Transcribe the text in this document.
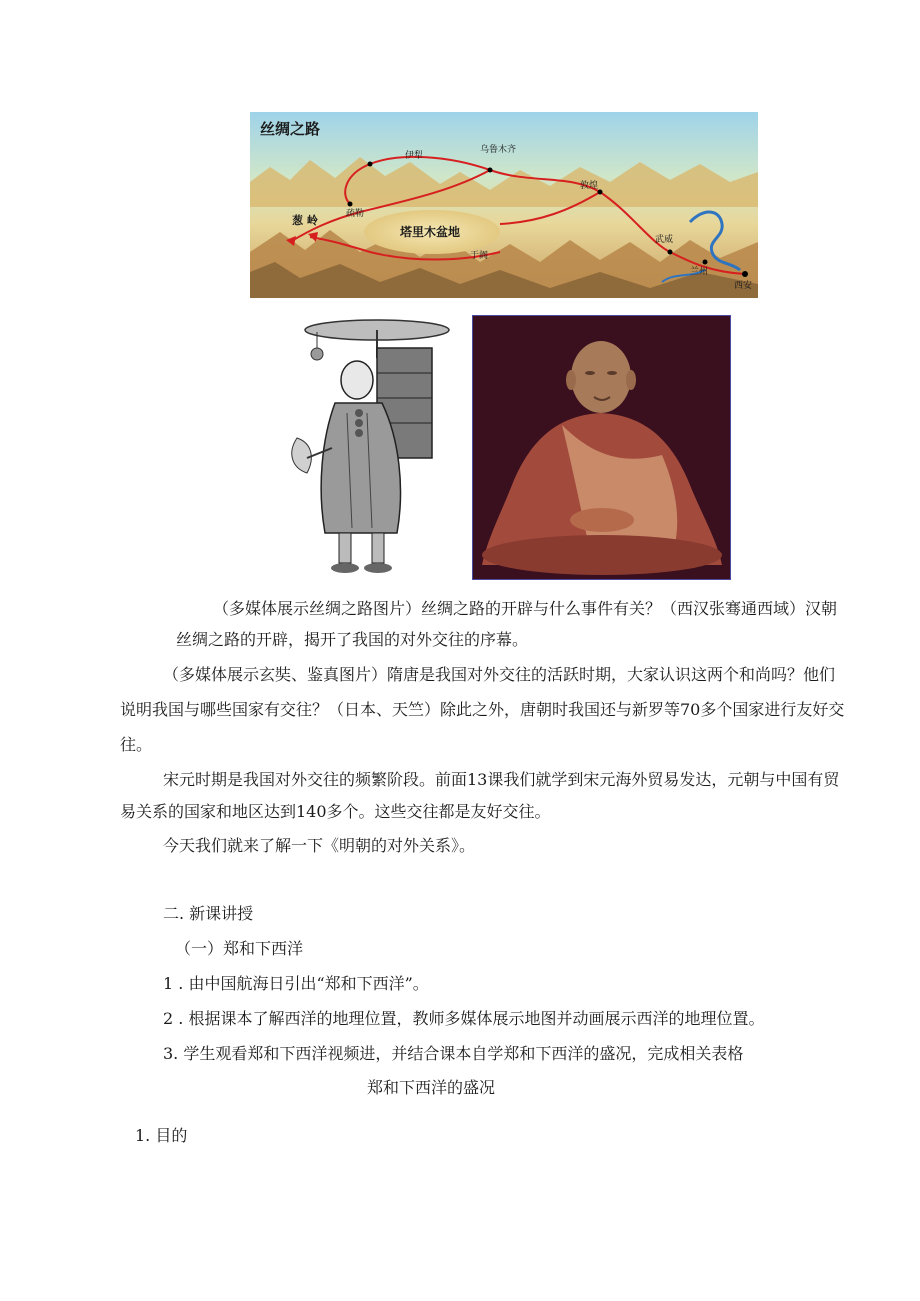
丝绸之路
塔里木盆地
乌鲁木齐
葱 岭
敦煌
武威
兰州
西安
伊犁
疏勒
于阗
（多媒体展示丝绸之路图片）丝绸之路的开辟与什么事件有关？（西汉张骞通西域）汉朝
丝绸之路的开辟，揭开了我国的对外交往的序幕。
（多媒体展示玄奘、鉴真图片）隋唐是我国对外交往的活跃时期，大家认识这两个和尚吗？他们
说明我国与哪些国家有交往？（日本、天竺）除此之外，唐朝时我国还与新罗等70多个国家进行友好交
往。
宋元时期是我国对外交往的频繁阶段。前面13课我们就学到宋元海外贸易发达，元朝与中国有贸
易关系的国家和地区达到140多个。这些交往都是友好交往。
今天我们就来了解一下《明朝的对外关系》。
二. 新课讲授
（一）郑和下西洋
1 . 由中国航海日引出“郑和下西洋”。
2 . 根据课本了解西洋的地理位置，教师多媒体展示地图并动画展示西洋的地理位置。
3. 学生观看郑和下西洋视频进，并结合课本自学郑和下西洋的盛况，完成相关表格
郑和下西洋的盛况
1. 目的
